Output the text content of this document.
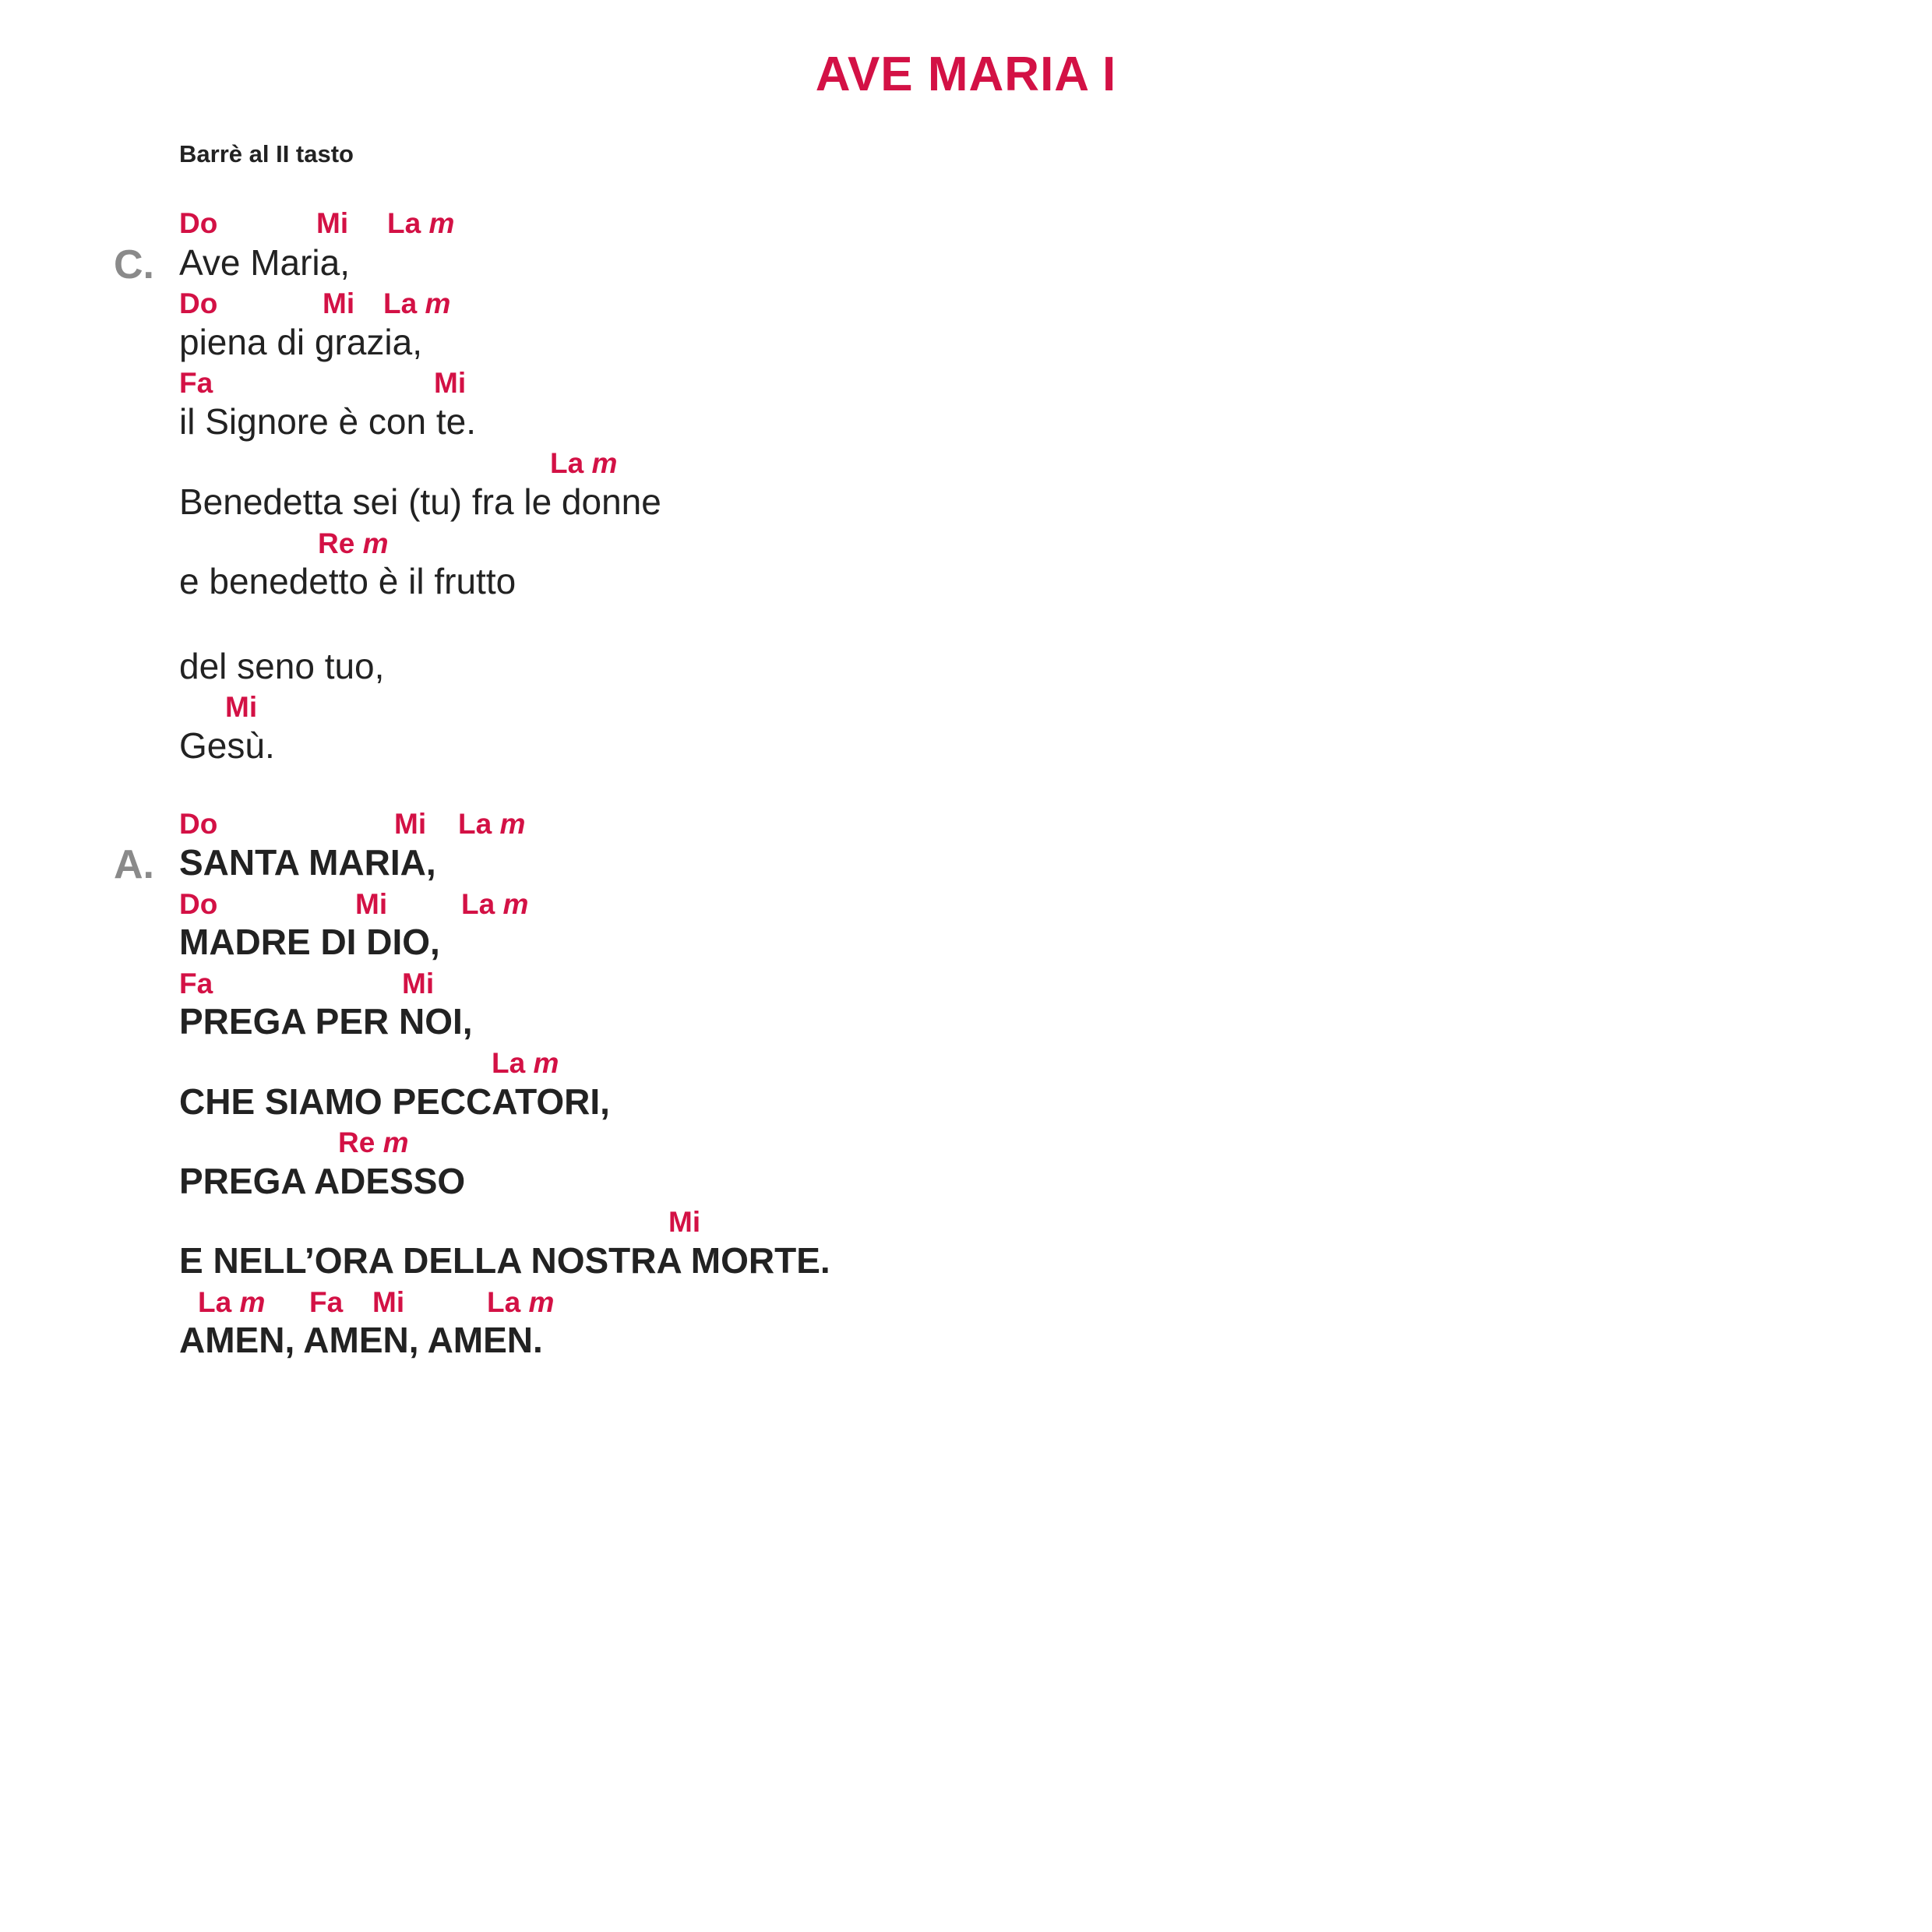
AVE MARIA I
Barrè al II tasto
C.
Do	Mi La m
Ave Maria,
Do	Mi La m
piena di grazia,
Fa	Mi
il Signore è con te.
La m
Benedetta sei (tu) fra le donne
Re m
e benedetto è il frutto
del seno tuo,
Mi
Gesù.
A.
Do	Mi La m
SANTA MARIA,
Do	Mi	La m
MADRE DI DIO,
Fa	Mi
PREGA PER NOI,
La m
CHE SIAMO PECCATORI,
Re m
PREGA ADESSO
Mi
E NELL’ORA DELLA NOSTRA MORTE.
La m Fa Mi	La m
AMEN, AMEN, AMEN.
